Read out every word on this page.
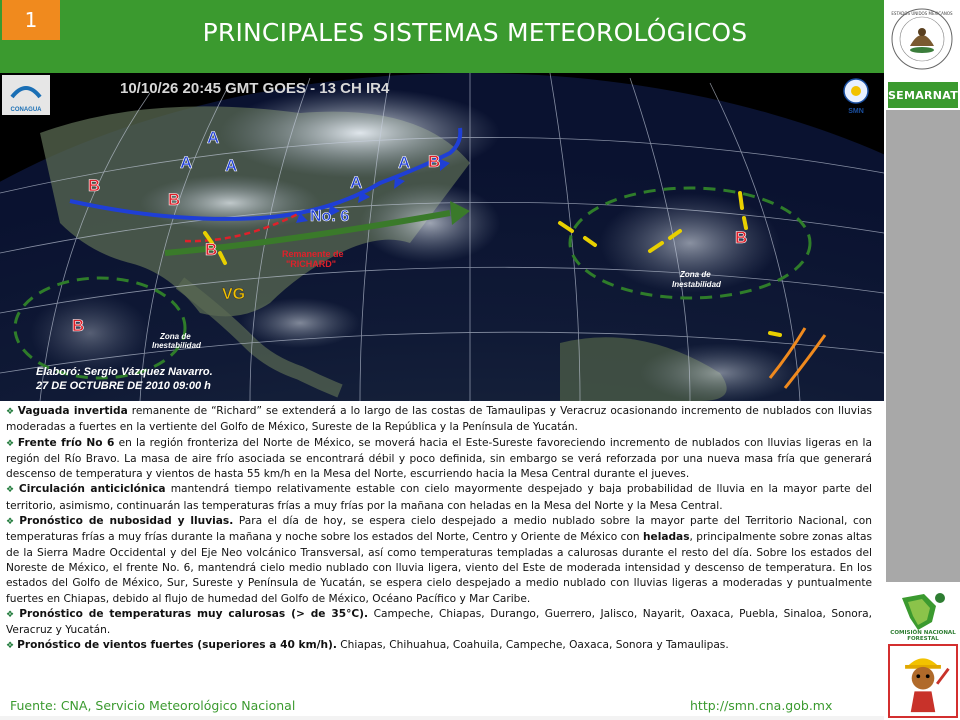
1	PRINCIPALES SISTEMAS METEOROLÓGICOS
ESTADOS UNIDOS MEXICANOS
SEMARNAT
COMISIÓN NACIONAL FORESTAL
10/10/26 20:45 GMT GOES - 13 CH IR4
A
A A
A
A
B
B
B
B
B
B
No. 6
Remanente de
"RICHARD"
VG
Zona de
Inestabilidad
Zona de
Inestabilidad
Elaboró: Sergio Vázquez Navarro.
27 DE OCTUBRE DE 2010 09:00 h
CONAGUA	SMN

❖ Vaguada invertida remanente de “Richard” se extenderá a lo largo de las costas de Tamaulipas y Veracruz ocasionando incremento de nublados con lluvias moderadas a fuertes en la vertiente del Golfo de México, Sureste de la República y la Península de Yucatán.

❖ Frente frío No 6 en la región fronteriza del Norte de México, se moverá hacia el Este-Sureste favoreciendo incremento de nublados con lluvias ligeras en la región del Río Bravo. La masa de aire frío asociada se encontrará débil y poco definida, sin embargo se verá reforzada por una nueva masa fría que generará descenso de temperatura y vientos de hasta 55 km/h en la Mesa del Norte, escurriendo hacia la Mesa Central durante el jueves.

❖ Circulación anticiclónica mantendrá tiempo relativamente estable con cielo mayormente despejado y baja probabilidad de lluvia en la mayor parte del territorio, asimismo, continuarán las temperaturas frías a muy frías por la mañana con heladas en la Mesa del Norte y la Mesa Central.

❖ Pronóstico de nubosidad y lluvias. Para el día de hoy, se espera cielo despejado a medio nublado sobre la mayor parte del Territorio Nacional, con temperaturas frías a muy frías durante la mañana y noche sobre los estados del Norte, Centro y Oriente de México con heladas, principalmente sobre zonas altas de la Sierra Madre Occidental y del Eje Neo volcánico Transversal, así como temperaturas templadas a calurosas durante el resto del día. Sobre los estados del Noreste de México, el frente No. 6, mantendrá cielo medio nublado con lluvia ligera, viento del Este de moderada intensidad y descenso de temperatura. En los estados del Golfo de México, Sur, Sureste y Península de Yucatán, se espera cielo despejado a medio nublado con lluvias ligeras a moderadas y puntualmente fuertes en Chiapas, debido al flujo de humedad del Golfo de México, Océano Pacífico y Mar Caribe.

❖ Pronóstico de temperaturas muy calurosas (> de 35°C). Campeche, Chiapas, Durango, Guerrero, Jalisco, Nayarit, Oaxaca, Puebla, Sinaloa, Sonora, Veracruz y Yucatán.

❖ Pronóstico de vientos fuertes (superiores a 40 km/h). Chiapas, Chihuahua, Coahuila, Campeche, Oaxaca, Sonora y Tamaulipas.

Fuente: CNA, Servicio Meteorológico Nacional	http://smn.cna.gob.mx
